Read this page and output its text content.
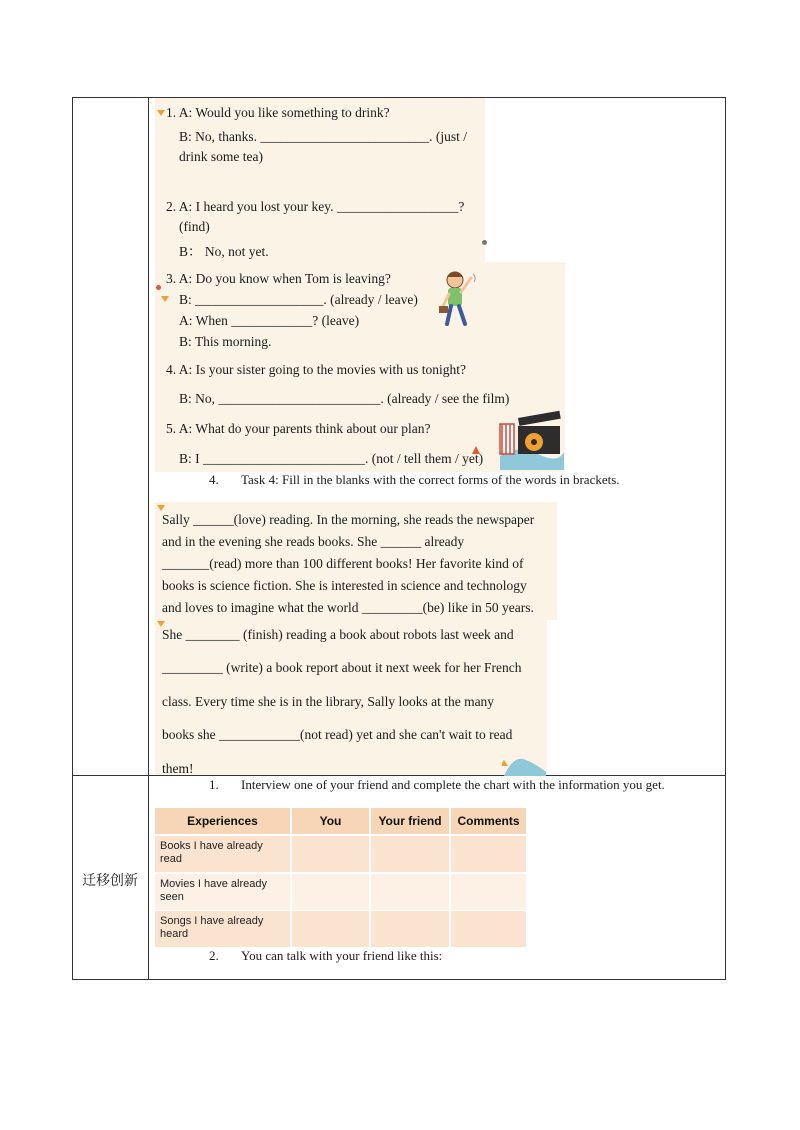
迁移创新
1. A: Would you like something to drink?
B: No, thanks. _________________________. (just /
drink some tea)
2. A: I heard you lost your key. __________________?
(find)
B： No, not yet.
3. A: Do you know when Tom is leaving?
B: ___________________. (already / leave)
A: When ____________? (leave)
B: This morning.
4. A: Is your sister going to the movies with us tonight?
B: No, ________________________. (already / see the film)
5. A: What do your parents think about our plan?
B: I ________________________. (not / tell them / yet)
4. Task 4: Fill in the blanks with the correct forms of the words in brackets.
Sally ______(love) reading. In the morning, she reads the newspaper
and in the evening she reads books. She ______ already
_______(read) more than 100 different books! Her favorite kind of
books is science fiction. She is interested in science and technology
and loves to imagine what the world _________(be) like in 50 years.
She ________ (finish) reading a book about robots last week and
_________ (write) a book report about it next week for her French
class. Every time she is in the library, Sally looks at the many
books she ____________(not read) yet and she can't wait to read
them!
1. Interview one of your friend and complete the chart with the information you get.
Experiences	You	Your friend	Comments
Books I have already read
Movies I have already seen
Songs I have already heard
2. You can talk with your friend like this:
